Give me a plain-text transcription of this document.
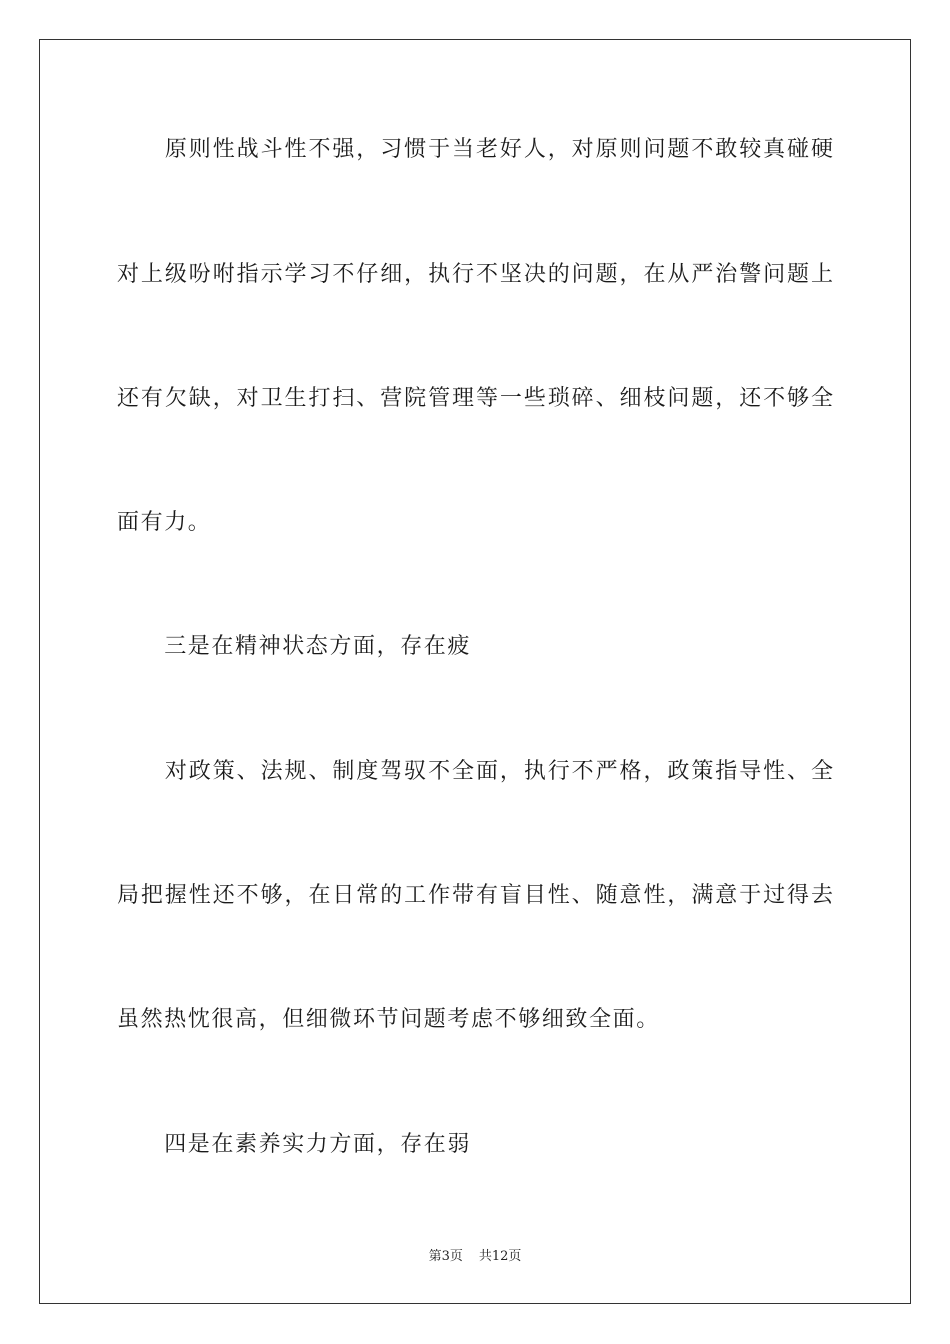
　　原则性战斗性不强，习惯于当老好人，对原则问题不敢较真碰硬
对上级吩咐指示学习不仔细，执行不坚决的问题，在从严治警问题上
还有欠缺，对卫生打扫、营院管理等一些琐碎、细枝问题，还不够全
面有力。
　　三是在精神状态方面，存在疲
　　对政策、法规、制度驾驭不全面，执行不严格，政策指导性、全
局把握性还不够，在日常的工作带有盲目性、随意性，满意于过得去
虽然热忱很高，但细微环节问题考虑不够细致全面。
　　四是在素养实力方面，存在弱
第3页 共12页
